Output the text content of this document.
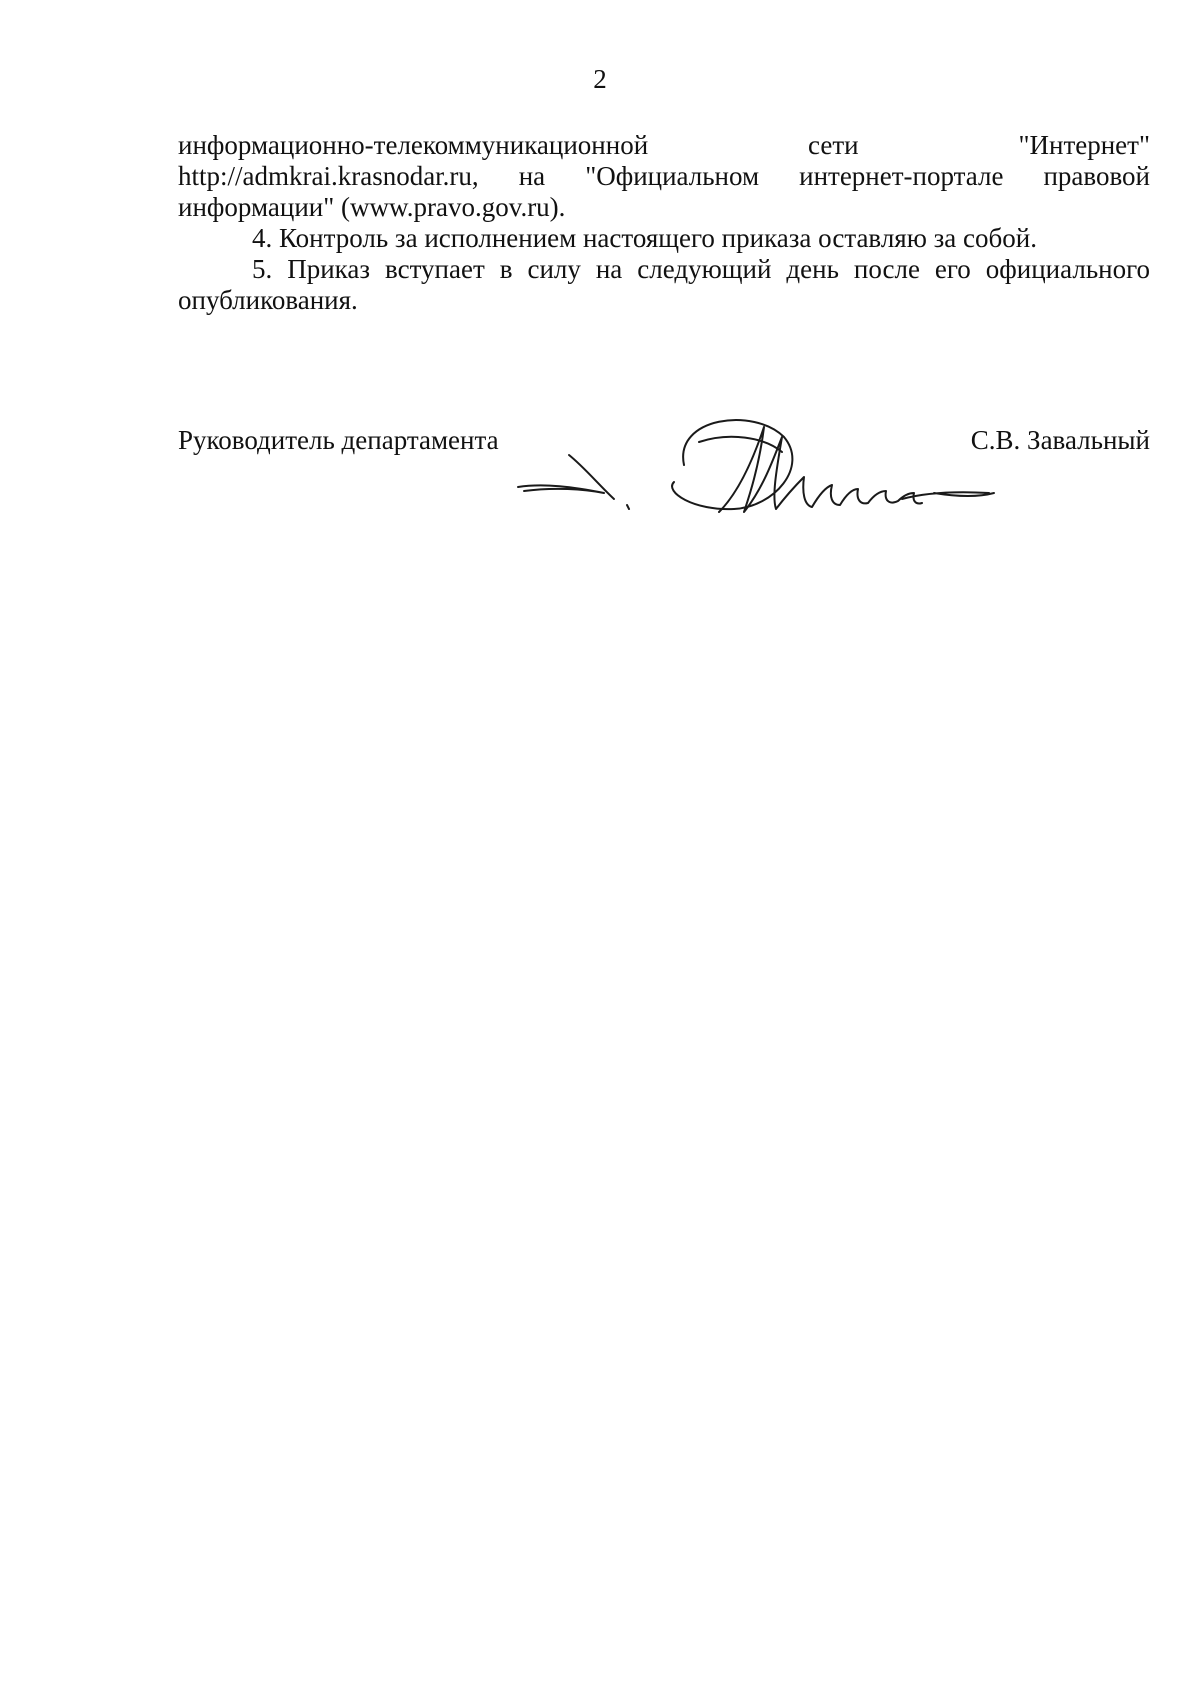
2
информационно-телекоммуникационной	сети	"Интернет"
http://admkrai.krasnodar.ru, на "Официальном интернет-портале правовой
информации" (www.pravo.gov.ru).
4. Контроль за исполнением настоящего приказа оставляю за собой.
5. Приказ вступает в силу на следующий день после его официального опубликования.
Руководитель департамента	С.В. Завальный
